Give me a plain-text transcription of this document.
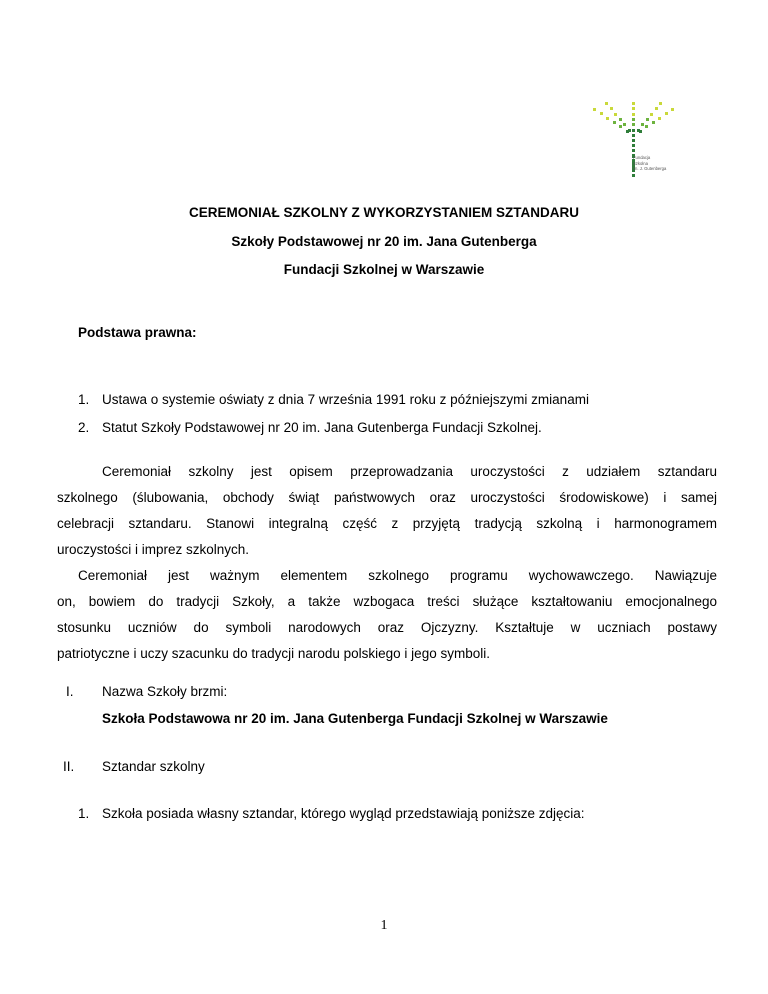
Fundacja
Szkolna
im. J. Gutenberga
CEREMONIAŁ SZKOLNY Z WYKORZYSTANIEM SZTANDARU
Szkoły Podstawowej nr 20 im. Jana Gutenberga
Fundacji Szkolnej w Warszawie
Podstawa prawna:
1. Ustawa o systemie oświaty z dnia 7 września 1991 roku z późniejszymi zmianami
2. Statut Szkoły Podstawowej nr 20 im. Jana Gutenberga Fundacji Szkolnej.
Ceremoniał szkolny jest opisem przeprowadzania uroczystości z udziałem sztandaru
szkolnego (ślubowania, obchody świąt państwowych oraz uroczystości środowiskowe) i samej
celebracji sztandaru. Stanowi integralną część z przyjętą tradycją szkolną i harmonogramem
uroczystości i imprez szkolnych.
Ceremoniał jest ważnym elementem szkolnego programu wychowawczego. Nawiązuje
on, bowiem do tradycji Szkoły, a także wzbogaca treści służące kształtowaniu emocjonalnego
stosunku uczniów do symboli narodowych oraz Ojczyzny. Kształtuje w uczniach postawy
patriotyczne i uczy szacunku do tradycji narodu polskiego i jego symboli.
I. Nazwa Szkoły brzmi:
Szkoła Podstawowa nr 20 im. Jana Gutenberga Fundacji Szkolnej w Warszawie
II. Sztandar szkolny
1. Szkoła posiada własny sztandar, którego wygląd przedstawiają poniższe zdjęcia:
1
